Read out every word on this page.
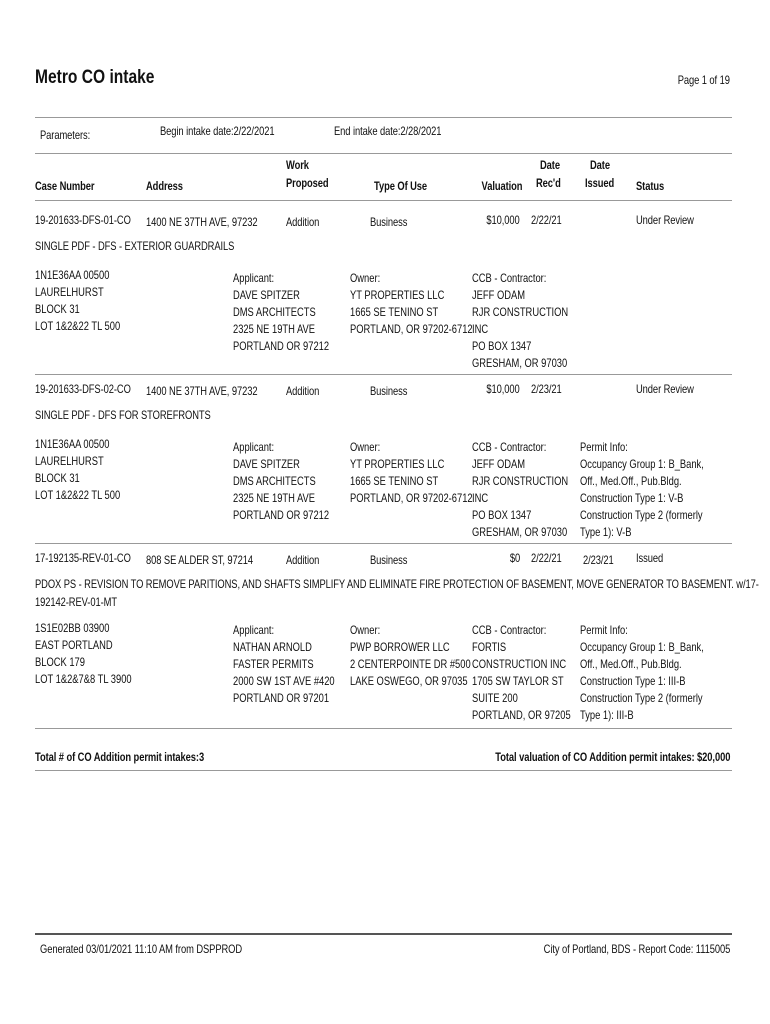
Metro CO intake	Page 1 of 19
Parameters:	Begin intake date:2/22/2021	End intake date:2/28/2021
Case Number	Address
Work
Proposed	Type Of Use	Valuation
Date
Rec'd
Date
Issued Status
19-201633-DFS-01-CO 1400 NE 37TH AVE, 97232 Addition	Business	$10,000 2/22/21	Under Review
SINGLE PDF - DFS - EXTERIOR GUARDRAILS
1N1E36AA 00500
LAURELHURST
BLOCK 31
LOT 1&2&22 TL 500
Applicant:
DAVE SPITZER
DMS ARCHITECTS
2325 NE 19TH AVE
PORTLAND OR 97212
Owner:
YT PROPERTIES LLC
1665 SE TENINO ST
PORTLAND, OR 97202-6712
CCB - Contractor:
JEFF ODAM
RJR CONSTRUCTION
INC
PO BOX 1347
GRESHAM, OR 97030
19-201633-DFS-02-CO 1400 NE 37TH AVE, 97232 Addition	Business	$10,000 2/23/21	Under Review
SINGLE PDF - DFS FOR STOREFRONTS
1N1E36AA 00500
LAURELHURST
BLOCK 31
LOT 1&2&22 TL 500
Applicant:
DAVE SPITZER
DMS ARCHITECTS
2325 NE 19TH AVE
PORTLAND OR 97212
Owner:
YT PROPERTIES LLC
1665 SE TENINO ST
PORTLAND, OR 97202-6712
CCB - Contractor:
JEFF ODAM
RJR CONSTRUCTION
INC
PO BOX 1347
GRESHAM, OR 97030
Permit Info:
Occupancy Group 1: B_Bank,
Off., Med.Off., Pub.Bldg.
Construction Type 1: V-B
Construction Type 2 (formerly
Type 1): V-B
17-192135-REV-01-CO 808 SE ALDER ST, 97214	Addition	Business	$0 2/22/21 2/23/21 Issued
PDOX PS - REVISION TO REMOVE PARITIONS, AND SHAFTS SIMPLIFY AND ELIMINATE FIRE PROTECTION OF BASEMENT, MOVE GENERATOR TO BASEMENT. w/17-
192142-REV-01-MT
1S1E02BB 03900
EAST PORTLAND
BLOCK 179
LOT 1&2&7&8 TL 3900
Applicant:
NATHAN ARNOLD
FASTER PERMITS
2000 SW 1ST AVE #420
PORTLAND OR 97201
Owner:
PWP BORROWER LLC
2 CENTERPOINTE DR #500
LAKE OSWEGO, OR 97035
CCB - Contractor:
FORTIS
CONSTRUCTION INC
1705 SW TAYLOR ST
SUITE 200
PORTLAND, OR 97205
Permit Info:
Occupancy Group 1: B_Bank,
Off., Med.Off., Pub.Bldg.
Construction Type 1: III-B
Construction Type 2 (formerly
Type 1): III-B
Total # of CO Addition permit intakes:3	Total valuation of CO Addition permit intakes: $20,000
Generated 03/01/2021 11:10 AM from DSPPROD	City of Portland, BDS - Report Code: 1115005
